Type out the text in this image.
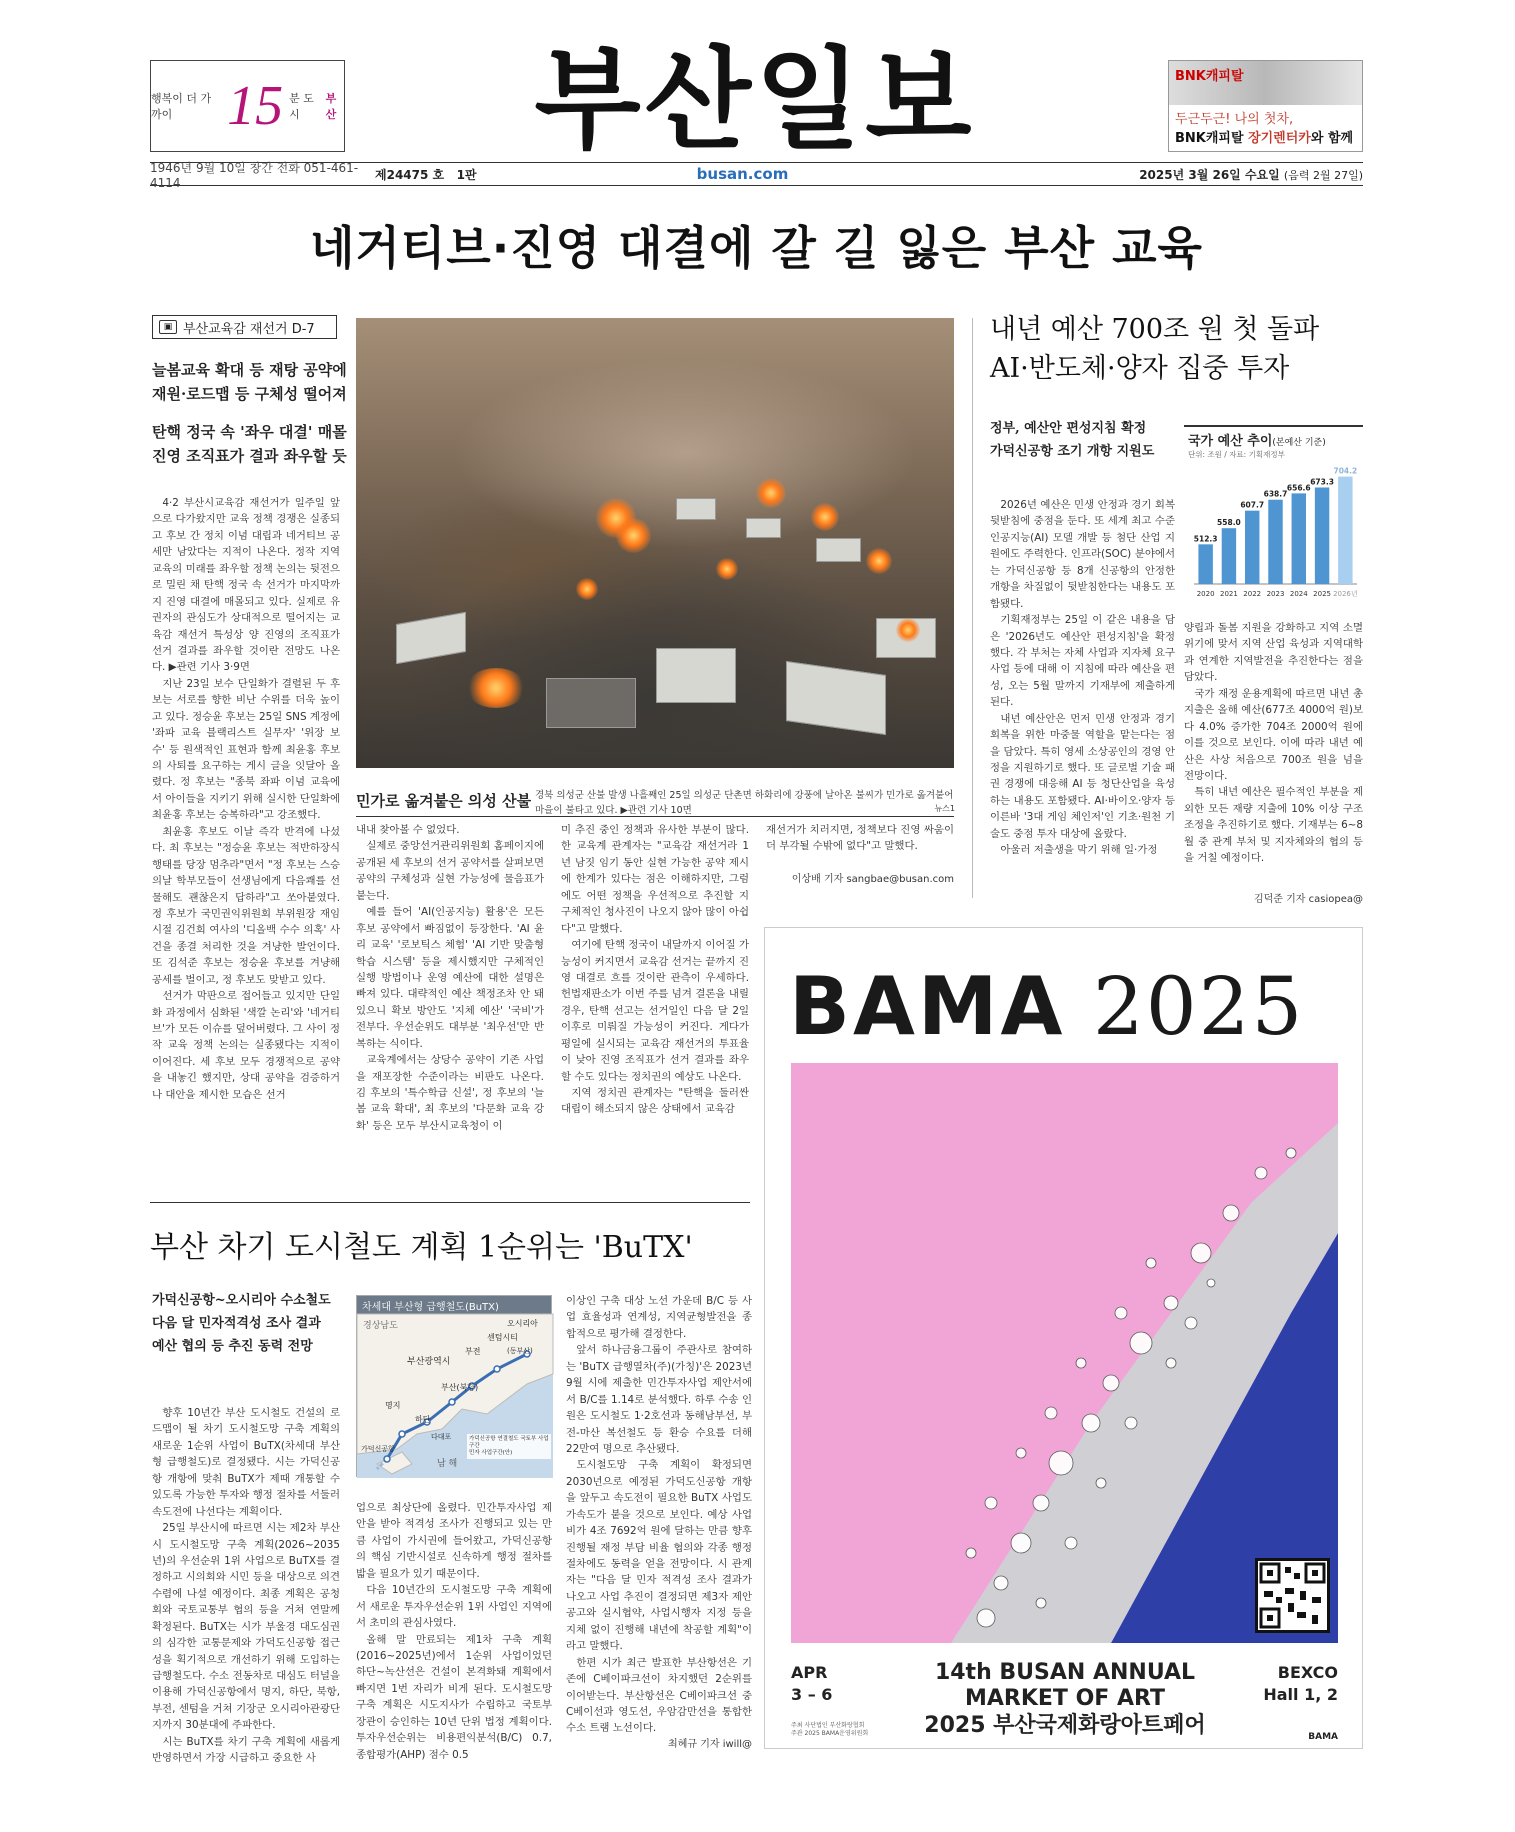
행복이 더 가까이 15 분 도시
부산 부산일보	BNK캐피탈
두근두근! 나의 첫차,
BNK캐피탈 장기렌터카와 함께
1946년 9월 10일 창간 전화 051-461-4114
제24475 호 1판	busan.com	2025년 3월 26일 수요일 (음력 2월 27일)
네거티브·진영 대결에 갈 길 잃은 부산 교육
▣ 부산교육감 재선거 D-7
늘봄교육 확대 등 재탕 공약에
재원·로드맵 등 구체성 떨어져
탄핵 정국 속 '좌우 대결' 매몰
진영 조직표가 결과 좌우할 듯

4·2 부산시교육감 재선거가 일주일 앞으로 다가왔지만 교육 정책 경쟁은 실종되고 후보 간 정치 이념 대립과 네거티브 공세만 남았다는 지적이 나온다. 정작 지역 교육의 미래를 좌우할 정책 논의는 뒷전으로 밀린 채 탄핵 정국 속 선거가 마지막까지 진영 대결에 매몰되고 있다. 실제로 유권자의 관심도가 상대적으로 떨어지는 교육감 재선거 특성상 양 진영의 조직표가 선거 결과를 좌우할 것이란 전망도 나온다. ▶관련 기사 3·9면

지난 23일 보수 단일화가 결렬된 두 후보는 서로를 향한 비난 수위를 더욱 높이고 있다. 정승윤 후보는 25일 SNS 계정에 '좌파 교육 블랙리스트 실무자' '위장 보수' 등 원색적인 표현과 함께 최윤홍 후보의 사퇴를 요구하는 게시 글을 잇달아 올렸다. 정 후보는 "종북 좌파 이념 교육에서 아이들을 지키기 위해 실시한 단일화에 최윤홍 후보는 승복하라"고 강조했다.

최윤홍 후보도 이날 즉각 반격에 나섰다. 최 후보는 "정승윤 후보는 적반하장식 행태를 당장 멈추라"면서 "정 후보는 스승의날 학부모들이 선생님에게 다음쾌를 선물해도 괜찮은지 답하라"고 쏘아붙였다. 정 후보가 국민권익위원회 부위원장 재임 시절 김건희 여사의 '디올백 수수 의혹' 사건을 종결 처리한 것을 겨냥한 발언이다. 또 김석준 후보는 정승윤 후보를 겨냥해 공세를 벌이고, 정 후보도 맞받고 있다.

선거가 막판으로 접어들고 있지만 단일화 과정에서 심화된 '색깔 논리'와 '네거티브'가 모든 이슈를 덮어버렸다. 그 사이 정작 교육 정책 논의는 실종됐다는 지적이 이어진다. 세 후보 모두 경쟁적으로 공약을 내놓긴 했지만, 상대 공약을 검증하거나 대안을 제시한 모습은 선거

민가로 옮겨붙은 의성 산불 경북 의성군 산불 발생 나흘째인 25일 의성군 단촌면 하화리에 강풍에 날아온 불씨가 민가로 옮겨붙어 마을이 불타고 있다. ▶관련 기사 10면	뉴스1

내내 찾아볼 수 없었다.

실제로 중앙선거관리위원회 홈페이지에 공개된 세 후보의 선거 공약서를 살펴보면 공약의 구체성과 실현 가능성에 물음표가 붙는다.

예를 들어 'AI(인공지능) 활용'은 모든 후보 공약에서 빠짐없이 등장한다. 'AI 윤리 교육' '로보틱스 체험' 'AI 기반 맞춤형 학습 시스템' 등을 제시했지만 구체적인 실행 방법이나 운영 예산에 대한 설명은 빠져 있다. 대략적인 예산 책정조차 안 돼 있으니 확보 방안도 '지체 예산' '국비'가 전부다. 우선순위도 대부분 '최우선'만 반복하는 식이다.

교육계에서는 상당수 공약이 기존 사업을 재포장한 수준이라는 비판도 나온다. 김 후보의 '특수학급 신설', 정 후보의 '늘봄 교육 확대', 최 후보의 '다문화 교육 강화' 등은 모두 부산시교육청이 이

미 추진 중인 정책과 유사한 부분이 많다. 한 교육계 관계자는 "교육감 재선거라 1년 남짓 임기 동안 실현 가능한 공약 제시에 한계가 있다는 점은 이해하지만, 그럼에도 어떤 정책을 우선적으로 추진할 지 구체적인 청사진이 나오지 않아 많이 아쉽다"고 말했다.

여기에 탄핵 정국이 내달까지 이어질 가능성이 커지면서 교육감 선거는 끝까지 진영 대결로 흐를 것이란 관측이 우세하다. 헌법재판소가 이번 주를 넘겨 결론을 내릴 경우, 탄핵 선고는 선거일인 다음 달 2일 이후로 미뤄질 가능성이 커진다. 게다가 평일에 실시되는 교육감 재선거의 투표율이 낮아 진영 조직표가 선거 결과를 좌우할 수도 있다는 정치권의 예상도 나온다.

지역 정치권 관계자는 "탄핵을 둘러싼 대립이 해소되지 않은 상태에서 교육감

재선거가 치러지면, 정책보다 진영 싸움이 더 부각될 수밖에 없다"고 말했다.

이상배 기자 sangbae@busan.com
내년 예산 700조 원 첫 돌파
AI·반도체·양자 집중 투자
정부, 예산안 편성지침 확정
가덕신공항 조기 개항 지원도
국가 예산 추이(본예산 기준)
단위: 조원 / 자료: 기획재정부
512.3
2020
558.0
2021
607.7
2022
638.7
2023
656.6
2024
673.3
2025
704.2
2026년

2026년 예산은 민생 안정과 경기 회복 뒷받침에 중점을 둔다. 또 세계 최고 수준 인공지능(AI) 모델 개발 등 첨단 산업 지원에도 주력한다. 인프라(SOC) 분야에서는 가덕신공항 등 8개 신공항의 안정한 개항을 차질없이 뒷받침한다는 내용도 포함됐다.

기획재정부는 25일 이 같은 내용을 담은 '2026년도 예산안 편성지침'을 확정했다. 각 부처는 자체 사업과 지자체 요구 사업 등에 대해 이 지침에 따라 예산을 편성, 오는 5월 말까지 기재부에 제출하게 된다.

내년 예산안은 먼저 민생 안정과 경기 회복을 위한 마중물 역할을 맡는다는 점을 담았다. 특히 영세 소상공인의 경영 안정을 지원하기로 했다. 또 글로벌 기술 패권 경쟁에 대응해 AI 등 청단산업을 육성하는 내용도 포함됐다. AI·바이오·양자 등 이른바 '3대 게임 체인저'인 기초·원천 기술도 중점 투자 대상에 올랐다.

아울러 저출생을 막기 위해 일·가정

양립과 돌봄 지원을 강화하고 지역 소멸 위기에 맞서 지역 산업 육성과 지역대학과 연계한 지역발전을 추진한다는 점을 담았다.

국가 재정 운용계획에 따르면 내년 총지출은 올해 예산(677조 4000억 원)보다 4.0% 증가한 704조 2000억 원에 이를 것으로 보인다. 이에 따라 내년 예산은 사상 처음으로 700조 원을 넘을 전망이다.

특히 내년 예산은 필수적인 부분을 제외한 모든 재량 지출에 10% 이상 구조조정을 추진하기로 했다. 기재부는 6~8월 중 관계 부처 및 지자체와의 협의 등을 거칠 예정이다.

김덕준 기자 casiopea@
BAMA 2025
APR
3 – 6
14th BUSAN ANNUAL
MARKET OF ART
2025 부산국제화랑아트페어
BEXCO
Hall 1, 2
주최 사단법인 부산화랑협회
주관 2025 BAMA운영위원회	BAMA
부산 차기 도시철도 계획 1순위는 'BuTX'
가덕신공항~오시리아 수소철도
다음 달 민자적격성 조사 결과
예산 협의 등 추진 동력 전망
차세대 부산형 급행철도(BuTX)
경상남도
부산광역시
부전
센텀시티
오시리아
부산(북항)
명지
하단
가덕신공항
남 해
(동부산)
다대포	가덕신공항 연결철도 국토부 사업구간
민자 사업구간(안)

향후 10년간 부산 도시철도 건설의 로드맵이 될 차기 도시철도망 구축 계획의 새로운 1순위 사업이 BuTX(차세대 부산형 급행철도)로 결정됐다. 시는 가덕신공항 개항에 맞춰 BuTX가 제때 개통할 수 있도록 가능한 투자와 행정 절차를 서둘러 속도전에 나선다는 계획이다.

25일 부산시에 따르면 시는 제2차 부산시 도시철도망 구축 계획(2026~2035년)의 우선순위 1위 사업으로 BuTX를 결정하고 시의회와 시민 등을 대상으로 의견 수렴에 나설 예정이다. 최종 계획은 공청회와 국토교통부 협의 등을 거쳐 연말께 확정된다. BuTX는 시가 부울경 대도심권의 심각한 교통문제와 가덕도신공항 접근성을 획기적으로 개선하기 위해 도입하는 급행철도다. 수소 전동차로 대심도 터널을 이용해 가덕신공항에서 명지, 하단, 북항, 부전, 센텀을 거쳐 기장군 오시리아관광단지까지 30분대에 주파한다.

시는 BuTX를 차기 구축 계획에 새롭게 반영하면서 가장 시급하고 중요한 사

업으로 최상단에 올렸다. 민간투자사업 제안을 받아 적격성 조사가 진행되고 있는 만큼 사업이 가시권에 들어왔고, 가덕신공항의 핵심 기반시설로 신속하게 행정 절차를 밟을 필요가 있기 때문이다.

다음 10년간의 도시철도망 구축 계획에서 새로운 투자우선순위 1위 사업인 지역에서 초미의 관심사였다.

올해 말 만료되는 제1차 구축 계획(2016~2025년)에서 1순위 사업이었던 하단~녹산선은 건설이 본격화돼 계획에서 빠지면 1번 자리가 비게 된다. 도시철도망 구축 계획은 시도지사가 수립하고 국토부 장관이 승인하는 10년 단위 법정 계획이다. 투자우선순위는 비용편익분석(B/C) 0.7, 종합평가(AHP) 점수 0.5

이상인 구축 대상 노선 가운데 B/C 등 사업 효율성과 연계성, 지역균형발전을 종합적으로 평가해 결정한다.

앞서 하나금융그룹이 주관사로 참여하는 'BuTX 급행열차(주)(가칭)'은 2023년 9월 시에 제출한 민간투자사업 제안서에서 B/C를 1.14로 분석했다. 하루 수송 인원은 도시철도 1·2호선과 동해남부선, 부전-마산 복선철도 등 환승 수요를 더해 22만여 명으로 추산됐다.

도시철도망 구축 계획이 확정되면 2030년으로 예정된 가덕도신공항 개항을 앞두고 속도전이 필요한 BuTX 사업도 가속도가 붙을 것으로 보인다. 예상 사업비가 4조 7692억 원에 달하는 만큼 향후 진행될 재정 부담 비율 협의와 각종 행정 절차에도 동력을 얻을 전망이다. 시 관계자는 "다음 달 민자 적격성 조사 결과가 나오고 사업 추진이 결정되면 제3자 제안 공고와 실시협약, 사업시행자 지정 등을 지체 없이 진행해 내년에 착공할 계획"이라고 말했다.

한편 시가 최근 발표한 부산항선은 기존에 C베이파크선이 차지했던 2순위를 이어받는다. 부산항선은 C베이파크선 중 C베이선과 영도선, 우암감만선을 통합한 수소 트램 노선이다.

최혜규 기자 iwill@
